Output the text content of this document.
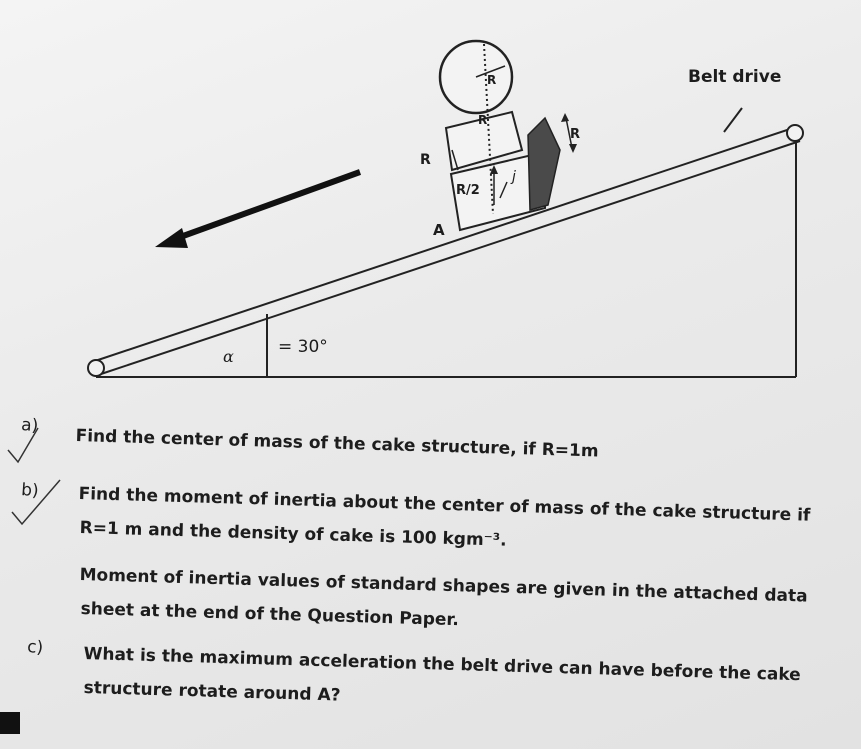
Belt drive
R
R
R
R
R/2
j
A
α	= 30°
a)
b)
c)
Find the center of mass of the cake structure, if R=1m
Find the moment of inertia about the center of mass of the cake structure if
R=1 m and the density of cake is 100 kgm⁻³.
Moment of inertia values of standard shapes are given in the attached data
sheet at the end of the Question Paper.
What is the maximum acceleration the belt drive can have before the cake
structure rotate around A?
